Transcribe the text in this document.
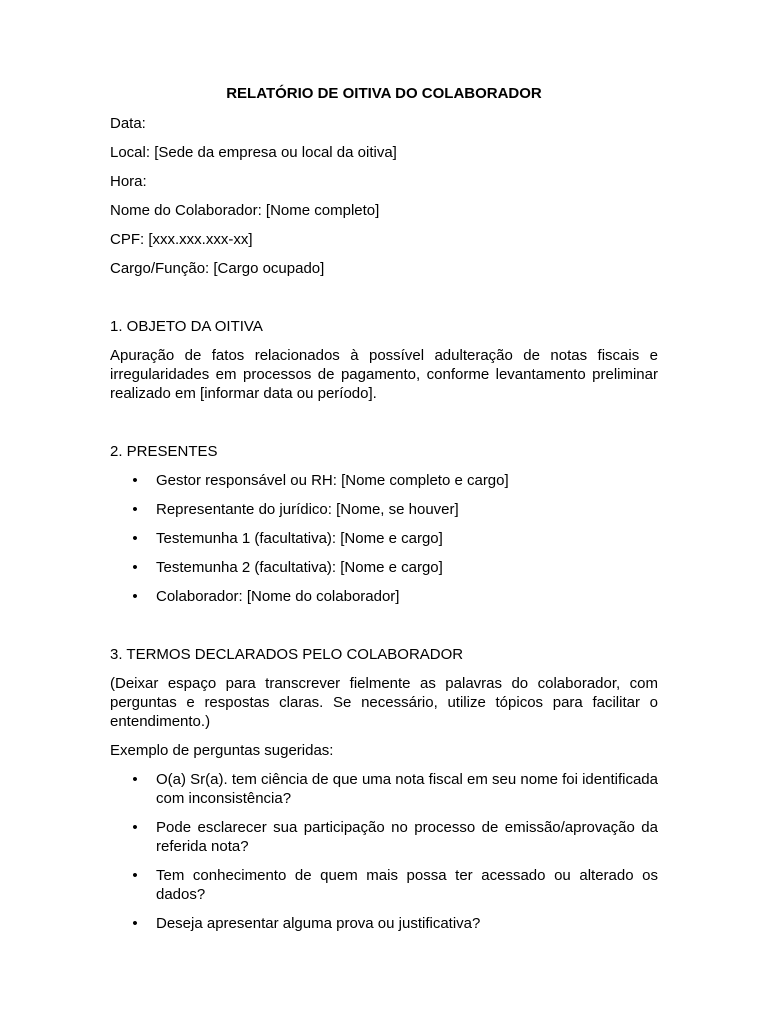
RELATÓRIO DE OITIVA DO COLABORADOR
Data:
Local: [Sede da empresa ou local da oitiva]
Hora:
Nome do Colaborador: [Nome completo]
CPF: [xxx.xxx.xxx-xx]
Cargo/Função: [Cargo ocupado]
1. OBJETO DA OITIVA
Apuração de fatos relacionados à possível adulteração de notas fiscais e irregularidades em processos de pagamento, conforme levantamento preliminar realizado em [informar data ou período].
2. PRESENTES
• Gestor responsável ou RH: [Nome completo e cargo]
• Representante do jurídico: [Nome, se houver]
• Testemunha 1 (facultativa): [Nome e cargo]
• Testemunha 2 (facultativa): [Nome e cargo]
• Colaborador: [Nome do colaborador]
3. TERMOS DECLARADOS PELO COLABORADOR
(Deixar espaço para transcrever fielmente as palavras do colaborador, com perguntas e respostas claras. Se necessário, utilize tópicos para facilitar o entendimento.)
Exemplo de perguntas sugeridas:
• O(a) Sr(a). tem ciência de que uma nota fiscal em seu nome foi identificada com inconsistência?
• Pode esclarecer sua participação no processo de emissão/aprovação da referida nota?
• Tem conhecimento de quem mais possa ter acessado ou alterado os dados?
• Deseja apresentar alguma prova ou justificativa?
